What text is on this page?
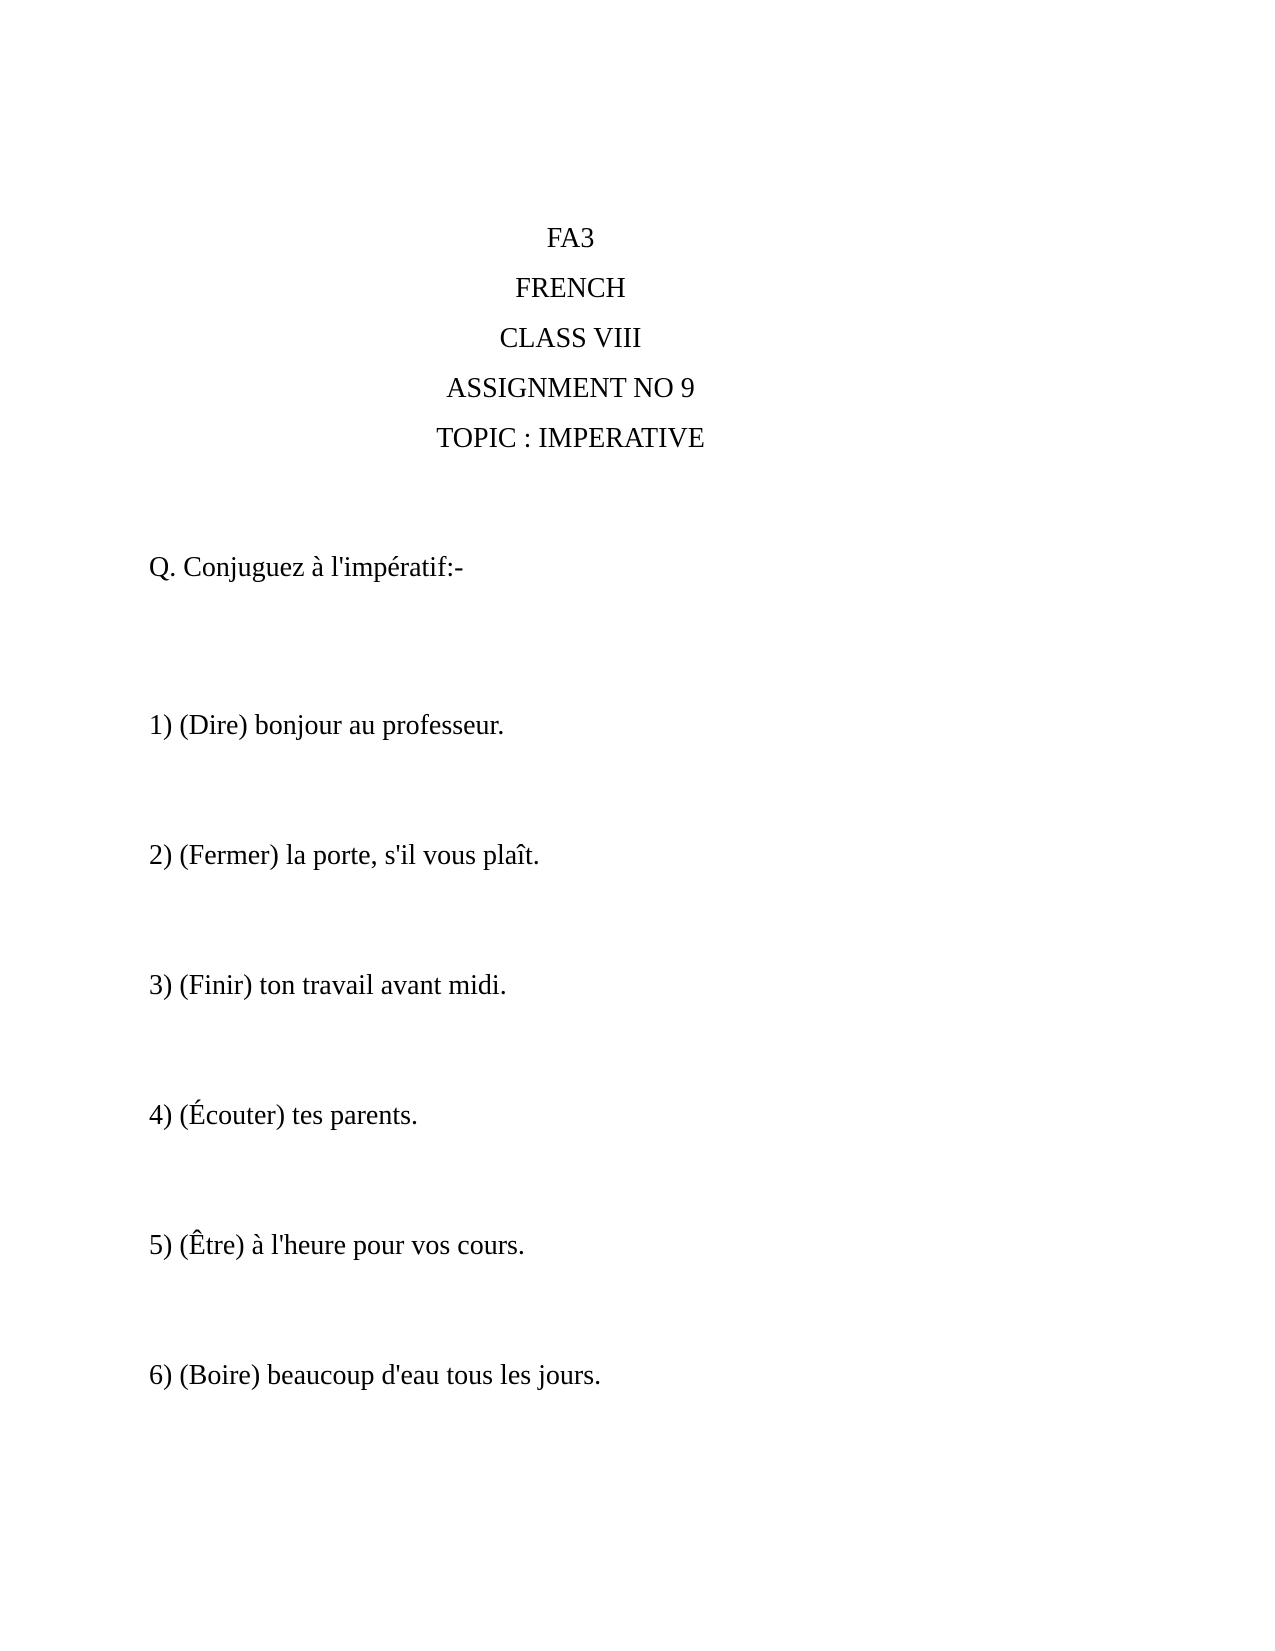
FA3
FRENCH
CLASS VIII
ASSIGNMENT NO 9
TOPIC : IMPERATIVE
Q. Conjuguez à l'impératif:-
1) (Dire) bonjour au professeur.
2) (Fermer) la porte, s'il vous plaît.
3) (Finir) ton travail avant midi.
4) (Écouter) tes parents.
5) (Être) à l'heure pour vos cours.
6) (Boire) beaucoup d'eau tous les jours.
